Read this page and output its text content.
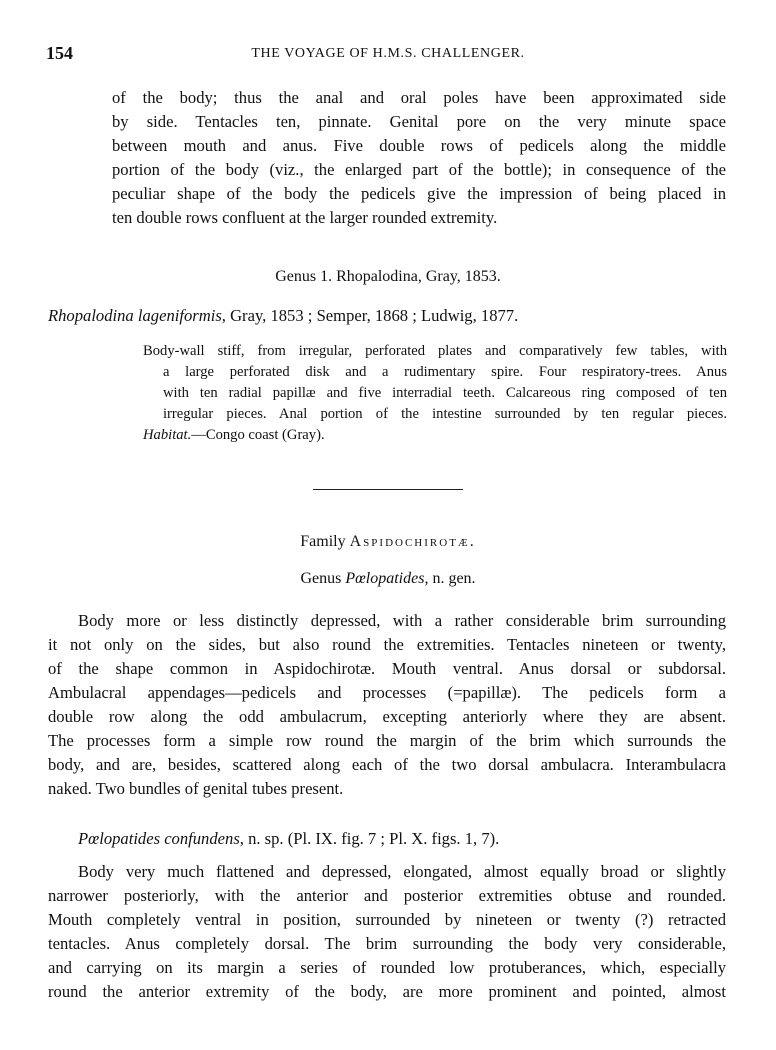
154	THE VOYAGE OF H.M.S. CHALLENGER.
of the body; thus the anal and oral poles have been approximated side
by side. Tentacles ten, pinnate. Genital pore on the very minute space
between mouth and anus. Five double rows of pedicels along the middle
portion of the body (viz., the enlarged part of the bottle); in consequence of the
peculiar shape of the body the pedicels give the impression of being placed in
ten double rows confluent at the larger rounded extremity.
Genus 1. Rhopalodina, Gray, 1853.
Rhopalodina lageniformis, Gray, 1853 ; Semper, 1868 ; Ludwig, 1877.
Body-wall stiff, from irregular, perforated plates and comparatively few tables, with
a large perforated disk and a rudimentary spire. Four respiratory-trees. Anus
with ten radial papillæ and five interradial teeth. Calcareous ring composed of ten
irregular pieces. Anal portion of the intestine surrounded by ten regular pieces.
Habitat.—Congo coast (Gray).
Family Aspidochirotæ.
Genus Pœlopatides, n. gen.
Body more or less distinctly depressed, with a rather considerable brim surrounding
it not only on the sides, but also round the extremities. Tentacles nineteen or twenty,
of the shape common in Aspidochirotæ. Mouth ventral. Anus dorsal or subdorsal.
Ambulacral appendages—pedicels and processes (=papillæ). The pedicels form a
double row along the odd ambulacrum, excepting anteriorly where they are absent.
The processes form a simple row round the margin of the brim which surrounds the
body, and are, besides, scattered along each of the two dorsal ambulacra. Interambulacra
naked. Two bundles of genital tubes present.
Pœlopatides confundens, n. sp. (Pl. IX. fig. 7 ; Pl. X. figs. 1, 7).
Body very much flattened and depressed, elongated, almost equally broad or slightly
narrower posteriorly, with the anterior and posterior extremities obtuse and rounded.
Mouth completely ventral in position, surrounded by nineteen or twenty (?) retracted
tentacles. Anus completely dorsal. The brim surrounding the body very considerable,
and carrying on its margin a series of rounded low protuberances, which, especially
round the anterior extremity of the body, are more prominent and pointed, almost
